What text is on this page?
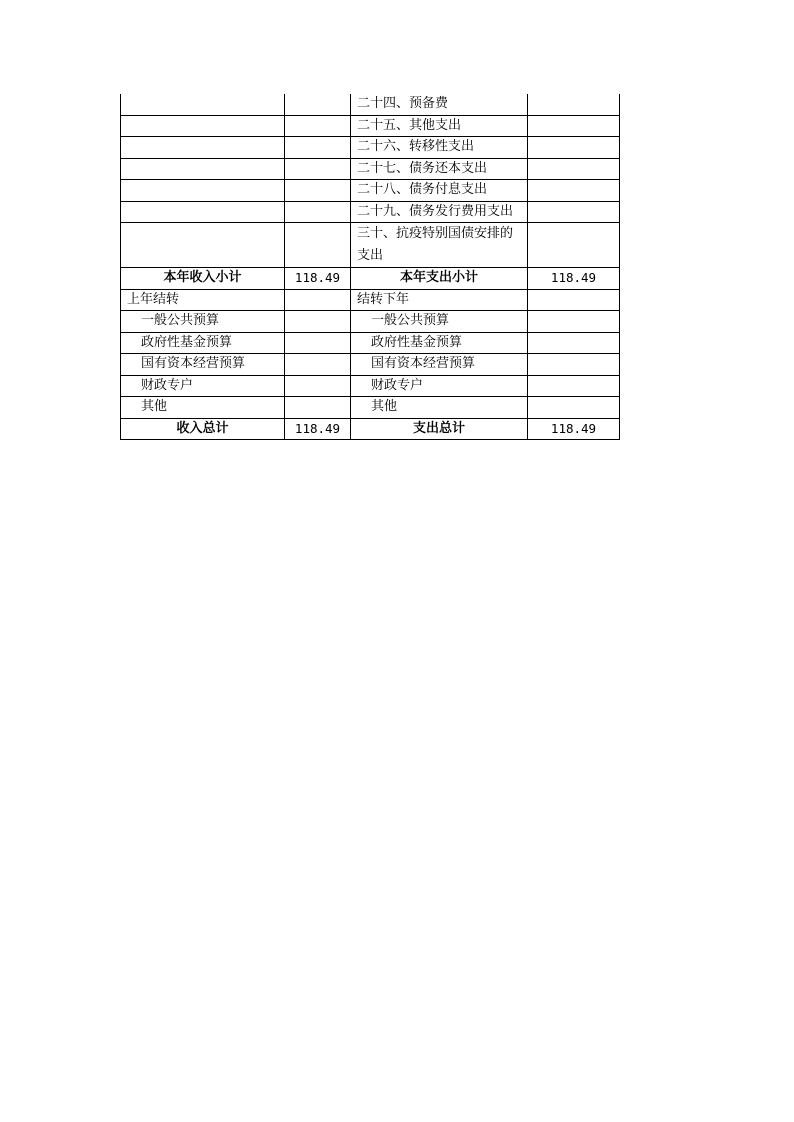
		二十四、预备费	
		二十五、其他支出	
		二十六、转移性支出	
		二十七、债务还本支出	
		二十八、债务付息支出	
		二十九、债务发行费用支出	
		三十、抗疫特别国债安排的支出	
本年收入小计	118.49	本年支出小计	118.49
上年结转		结转下年	
一般公共预算		一般公共预算	
政府性基金预算		政府性基金预算	
国有资本经营预算		国有资本经营预算	
财政专户		财政专户	
其他		其他	
收入总计	118.49	支出总计	118.49
